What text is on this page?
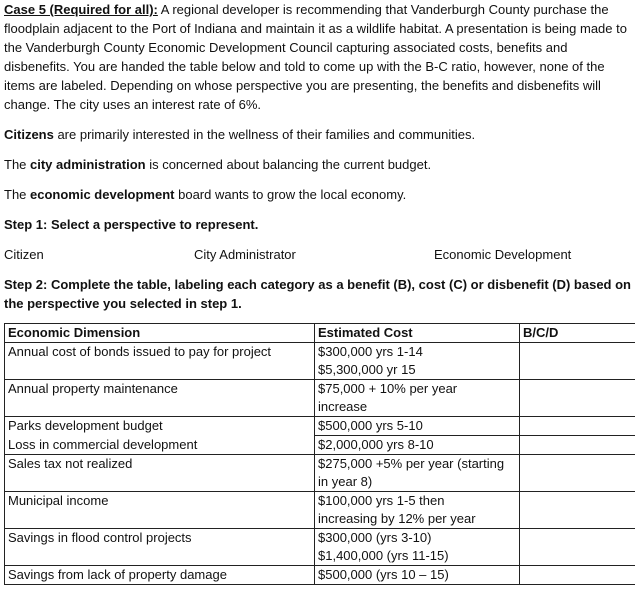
Case 5 (Required for all): A regional developer is recommending that Vanderburgh County purchase the floodplain adjacent to the Port of Indiana and maintain it as a wildlife habitat. A presentation is being made to the Vanderburgh County Economic Development Council capturing associated costs, benefits and disbenefits. You are handed the table below and told to come up with the B-C ratio, however, none of the items are labeled. Depending on whose perspective you are presenting, the benefits and disbenefits will change. The city uses an interest rate of 6%.

Citizens are primarily interested in the wellness of their families and communities.

The city administration is concerned about balancing the current budget.

The economic development board wants to grow the local economy.

Step 1: Select a perspective to represent.

Citizen	City Administrator	Economic Development

Step 2: Complete the table, labeling each category as a benefit (B), cost (C) or disbenefit (D) based on the perspective you selected in step 1.

Economic Dimension	Estimated Cost	B/C/D
Annual cost of bonds issued to pay for project	$300,000 yrs 1-14
$5,300,000 yr 15	

Annual property maintenance	$75,000 + 10% per year
increase	

Parks development budget	$500,000 yrs 5-10	

Loss in commercial development	$2,000,000 yrs 8-10	

Sales tax not realized	$275,000 +5% per year (starting
in year 8)	

Municipal income	$100,000 yrs 1-5 then
increasing by 12% per year	

Savings in flood control projects	$300,000 (yrs 3-10)
$1,400,000 (yrs 11-15)	

Savings from lack of property damage	$500,000 (yrs 10 – 15)	
